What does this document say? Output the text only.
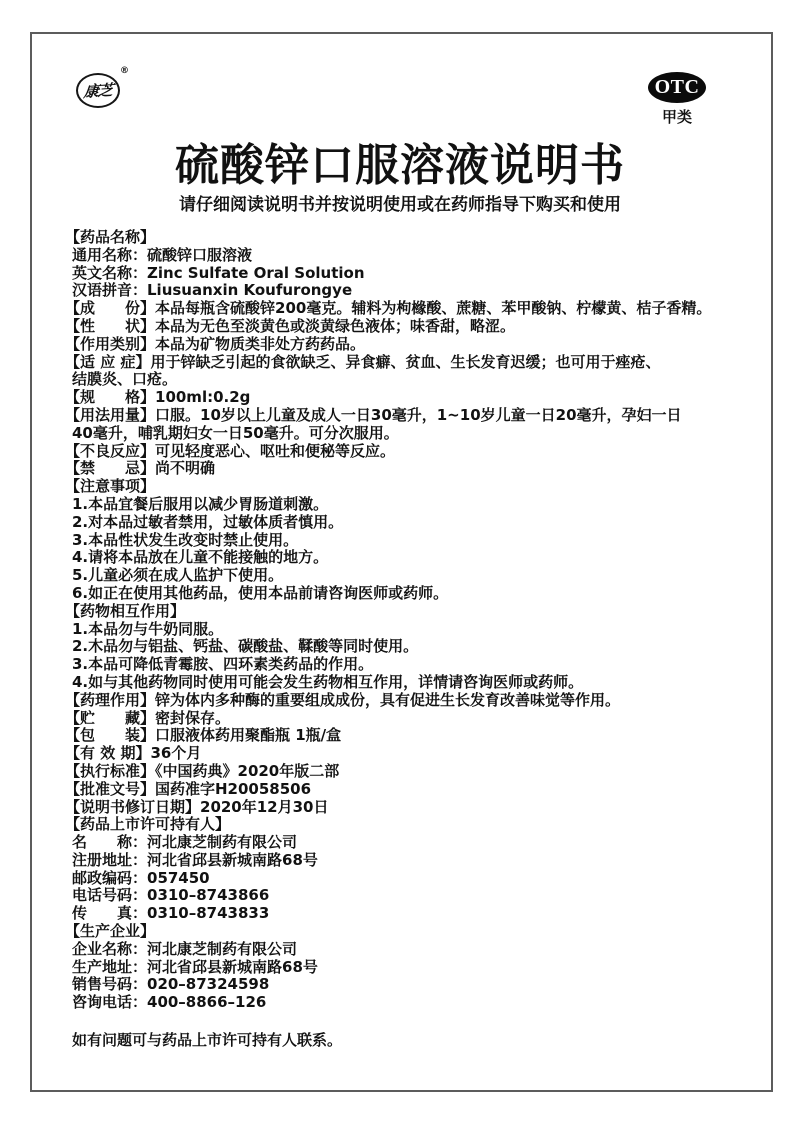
康芝
®
OTC
甲类
硫酸锌口服溶液说明书
请仔细阅读说明书并按说明使用或在药师指导下购买和使用
【药品名称】
通用名称：硫酸锌口服溶液
英文名称：Zinc Sulfate Oral Solution
汉语拼音：Liusuanxin Koufurongye
【成　　份】本品每瓶含硫酸锌200毫克。辅料为枸橼酸、蔗糖、苯甲酸钠、柠檬黄、桔子香精。
【性　　状】本品为无色至淡黄色或淡黄绿色液体；味香甜，略涩。
【作用类别】本品为矿物质类非处方药药品。
【适 应 症】用于锌缺乏引起的食欲缺乏、异食癖、贫血、生长发育迟缓；也可用于痤疮、
结膜炎、口疮。
【规　　格】100ml:0.2g
【用法用量】口服。10岁以上儿童及成人一日30毫升，1~10岁儿童一日20毫升，孕妇一日
40毫升，哺乳期妇女一日50毫升。可分次服用。
【不良反应】可见轻度恶心、呕吐和便秘等反应。
【禁　　忌】尚不明确
【注意事项】
1.本品宜餐后服用以减少胃肠道刺激。
2.对本品过敏者禁用，过敏体质者慎用。
3.本品性状发生改变时禁止使用。
4.请将本品放在儿童不能接触的地方。
5.儿童必须在成人监护下使用。
6.如正在使用其他药品，使用本品前请咨询医师或药师。
【药物相互作用】
1.本品勿与牛奶同服。
2.木品勿与铝盐、钙盐、碳酸盐、鞣酸等同时使用。
3.本品可降低青霉胺、四环素类药品的作用。
4.如与其他药物同时使用可能会发生药物相互作用，详情请咨询医师或药师。
【药理作用】锌为体内多种酶的重要组成成份，具有促进生长发育改善味觉等作用。
【贮　　藏】密封保存。
【包　　装】口服液体药用聚酯瓶 1瓶/盒
【有 效 期】36个月
【执行标准】《中国药典》2020年版二部
【批准文号】国药准字H20058506
【说明书修订日期】2020年12月30日
【药品上市许可持有人】
名　　称：河北康芝制药有限公司
注册地址：河北省邱县新城南路68号
邮政编码：057450
电话号码：0310–8743866
传　　真：0310–8743833
【生产企业】
企业名称：河北康芝制药有限公司
生产地址：河北省邱县新城南路68号
销售号码：020–87324598
咨询电话：400–8866–126
如有问题可与药品上市许可持有人联系。
